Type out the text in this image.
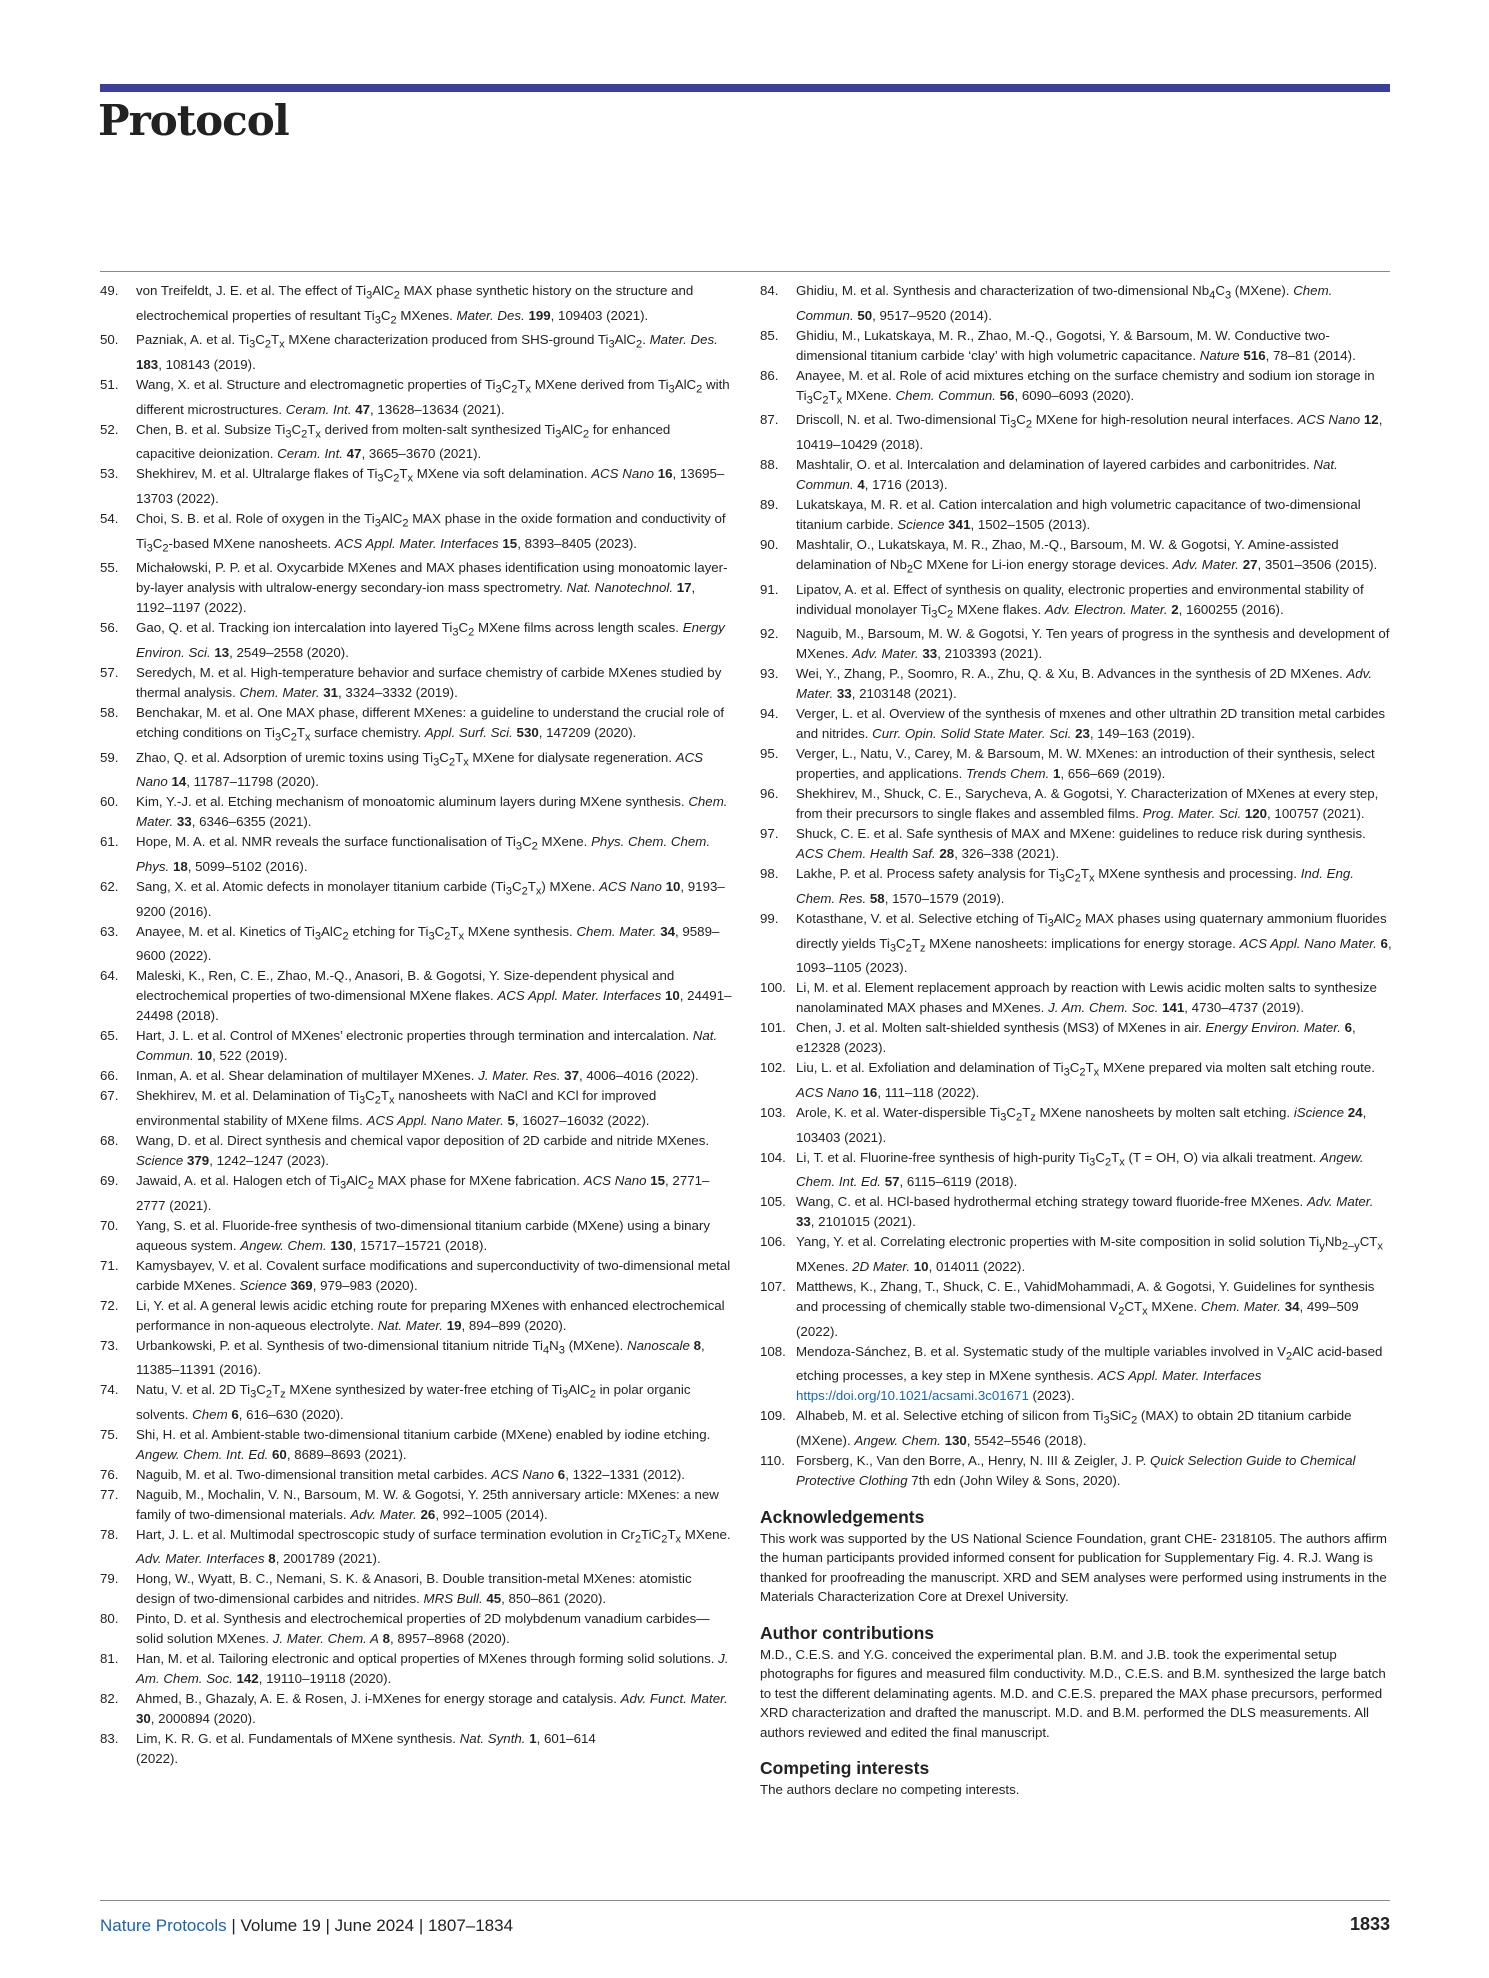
Protocol
49.	von Treifeldt, J. E. et al. The effect of $Ti_3AlC_2$ MAX phase synthetic history on the structure and electrochemical properties of resultant $Ti_3C_2$ MXenes. Mater. Des. 199, 109403 (2021).
50.	Pazniak, A. et al. $Ti_3C_2T_x$ MXene characterization produced from SHS-ground $Ti_3AlC_2$. Mater. Des. 183, 108143 (2019).
51.	Wang, X. et al. Structure and electromagnetic properties of $Ti_3C_2T_x$ MXene derived from $Ti_3AlC_2$ with different microstructures. Ceram. Int. 47, 13628–13634 (2021).
52.	Chen, B. et al. Subsize $Ti_3C_2T_x$ derived from molten-salt synthesized $Ti_3AlC_2$ for enhanced capacitive deionization. Ceram. Int. 47, 3665–3670 (2021).
53.	Shekhirev, M. et al. Ultralarge flakes of $Ti_3C_2T_x$ MXene via soft delamination. ACS Nano 16, 13695–13703 (2022).
54.	Choi, S. B. et al. Role of oxygen in the $Ti_3AlC_2$ MAX phase in the oxide formation and conductivity of $Ti_3C_2$-based MXene nanosheets. ACS Appl. Mater. Interfaces 15, 8393–8405 (2023).
55.	Michałowski, P. P. et al. Oxycarbide MXenes and MAX phases identification using monoatomic layer-by-layer analysis with ultralow-energy secondary-ion mass spectrometry. Nat. Nanotechnol. 17, 1192–1197 (2022).
56.	Gao, Q. et al. Tracking ion intercalation into layered $Ti_3C_2$ MXene films across length scales. Energy Environ. Sci. 13, 2549–2558 (2020).
57.	Seredych, M. et al. High-temperature behavior and surface chemistry of carbide MXenes studied by thermal analysis. Chem. Mater. 31, 3324–3332 (2019).
58.	Benchakar, M. et al. One MAX phase, different MXenes: a guideline to understand the crucial role of etching conditions on $Ti_3C_2T_x$ surface chemistry. Appl. Surf. Sci. 530, 147209 (2020).
59.	Zhao, Q. et al. Adsorption of uremic toxins using $Ti_3C_2T_x$ MXene for dialysate regeneration. ACS Nano 14, 11787–11798 (2020).
60.	Kim, Y.-J. et al. Etching mechanism of monoatomic aluminum layers during MXene synthesis. Chem. Mater. 33, 6346–6355 (2021).
61.	Hope, M. A. et al. NMR reveals the surface functionalisation of $Ti_3C_2$ MXene. Phys. Chem. Chem. Phys. 18, 5099–5102 (2016).
62.	Sang, X. et al. Atomic defects in monolayer titanium carbide $(Ti_3C_2T_x)$ MXene. ACS Nano 10, 9193–9200 (2016).
63.	Anayee, M. et al. Kinetics of $Ti_3AlC_2$ etching for $Ti_3C_2T_x$ MXene synthesis. Chem. Mater. 34, 9589–9600 (2022).
64.	Maleski, K., Ren, C. E., Zhao, M.-Q., Anasori, B. & Gogotsi, Y. Size-dependent physical and electrochemical properties of two-dimensional MXene flakes. ACS Appl. Mater. Interfaces 10, 24491–24498 (2018).
65.	Hart, J. L. et al. Control of MXenes’ electronic properties through termination and intercalation. Nat. Commun. 10, 522 (2019).
66.	Inman, A. et al. Shear delamination of multilayer MXenes. J. Mater. Res. 37, 4006–4016 (2022).
67.	Shekhirev, M. et al. Delamination of $Ti_3C_2T_x$ nanosheets with NaCl and KCl for improved environmental stability of MXene films. ACS Appl. Nano Mater. 5, 16027–16032 (2022).
68.	Wang, D. et al. Direct synthesis and chemical vapor deposition of 2D carbide and nitride MXenes. Science 379, 1242–1247 (2023).
69.	Jawaid, A. et al. Halogen etch of $Ti_3AlC_2$ MAX phase for MXene fabrication. ACS Nano 15, 2771–2777 (2021).
70.	Yang, S. et al. Fluoride-free synthesis of two-dimensional titanium carbide (MXene) using a binary aqueous system. Angew. Chem. 130, 15717–15721 (2018).
71.	Kamysbayev, V. et al. Covalent surface modifications and superconductivity of two-dimensional metal carbide MXenes. Science 369, 979–983 (2020).
72.	Li, Y. et al. A general lewis acidic etching route for preparing MXenes with enhanced electrochemical performance in non-aqueous electrolyte. Nat. Mater. 19, 894–899 (2020).
73.	Urbankowski, P. et al. Synthesis of two-dimensional titanium nitride $Ti_4N_3$ (MXene). Nanoscale 8, 11385–11391 (2016).
74.	Natu, V. et al. 2D $Ti_3C_2T_z$ MXene synthesized by water-free etching of $Ti_3AlC_2$ in polar organic solvents. Chem 6, 616–630 (2020).
75.	Shi, H. et al. Ambient-stable two-dimensional titanium carbide (MXene) enabled by iodine etching. Angew. Chem. Int. Ed. 60, 8689–8693 (2021).
76.	Naguib, M. et al. Two-dimensional transition metal carbides. ACS Nano 6, 1322–1331 (2012).
77.	Naguib, M., Mochalin, V. N., Barsoum, M. W. & Gogotsi, Y. 25th anniversary article: MXenes: a new family of two-dimensional materials. Adv. Mater. 26, 992–1005 (2014).
78.	Hart, J. L. et al. Multimodal spectroscopic study of surface termination evolution in $Cr_2TiC_2T_x$ MXene. Adv. Mater. Interfaces 8, 2001789 (2021).
79.	Hong, W., Wyatt, B. C., Nemani, S. K. & Anasori, B. Double transition-metal MXenes: atomistic design of two-dimensional carbides and nitrides. MRS Bull. 45, 850–861 (2020).
80.	Pinto, D. et al. Synthesis and electrochemical properties of 2D molybdenum vanadium carbides—solid solution MXenes. J. Mater. Chem. A 8, 8957–8968 (2020).
81.	Han, M. et al. Tailoring electronic and optical properties of MXenes through forming solid solutions. J. Am. Chem. Soc. 142, 19110–19118 (2020).
82.	Ahmed, B., Ghazaly, A. E. & Rosen, J. i-MXenes for energy storage and catalysis. Adv. Funct. Mater. 30, 2000894 (2020).
83.	Lim, K. R. G. et al. Fundamentals of MXene synthesis. Nat. Synth. 1, 601–614
(2022).
84.	Ghidiu, M. et al. Synthesis and characterization of two-dimensional $Nb_4C_3$ (MXene). Chem. Commun. 50, 9517–9520 (2014).
85.	Ghidiu, M., Lukatskaya, M. R., Zhao, M.-Q., Gogotsi, Y. & Barsoum, M. W. Conductive two-dimensional titanium carbide ‘clay’ with high volumetric capacitance. Nature 516, 78–81 (2014).
86.	Anayee, M. et al. Role of acid mixtures etching on the surface chemistry and sodium ion storage in $Ti_3C_2T_x$ MXene. Chem. Commun. 56, 6090–6093 (2020).
87.	Driscoll, N. et al. Two-dimensional $Ti_3C_2$ MXene for high-resolution neural interfaces. ACS Nano 12, 10419–10429 (2018).
88.	Mashtalir, O. et al. Intercalation and delamination of layered carbides and carbonitrides. Nat. Commun. 4, 1716 (2013).
89.	Lukatskaya, M. R. et al. Cation intercalation and high volumetric capacitance of two-dimensional titanium carbide. Science 341, 1502–1505 (2013).
90.	Mashtalir, O., Lukatskaya, M. R., Zhao, M.-Q., Barsoum, M. W. & Gogotsi, Y. Amine-assisted delamination of $Nb_2C$ MXene for Li-ion energy storage devices. Adv. Mater. 27, 3501–3506 (2015).
91.	Lipatov, A. et al. Effect of synthesis on quality, electronic properties and environmental stability of individual monolayer $Ti_3C_2$ MXene flakes. Adv. Electron. Mater. 2, 1600255 (2016).
92.	Naguib, M., Barsoum, M. W. & Gogotsi, Y. Ten years of progress in the synthesis and development of MXenes. Adv. Mater. 33, 2103393 (2021).
93.	Wei, Y., Zhang, P., Soomro, R. A., Zhu, Q. & Xu, B. Advances in the synthesis of 2D MXenes. Adv. Mater. 33, 2103148 (2021).
94.	Verger, L. et al. Overview of the synthesis of mxenes and other ultrathin 2D transition metal carbides and nitrides. Curr. Opin. Solid State Mater. Sci. 23, 149–163 (2019).
95.	Verger, L., Natu, V., Carey, M. & Barsoum, M. W. MXenes: an introduction of their synthesis, select properties, and applications. Trends Chem. 1, 656–669 (2019).
96.	Shekhirev, M., Shuck, C. E., Sarycheva, A. & Gogotsi, Y. Characterization of MXenes at every step, from their precursors to single flakes and assembled films. Prog. Mater. Sci. 120, 100757 (2021).
97.	Shuck, C. E. et al. Safe synthesis of MAX and MXene: guidelines to reduce risk during synthesis. ACS Chem. Health Saf. 28, 326–338 (2021).
98.	Lakhe, P. et al. Process safety analysis for $Ti_3C_2T_x$ MXene synthesis and processing. Ind. Eng. Chem. Res. 58, 1570–1579 (2019).
99.	Kotasthane, V. et al. Selective etching of $Ti_3AlC_2$ MAX phases using quaternary ammonium fluorides directly yields $Ti_3C_2T_z$ MXene nanosheets: implications for energy storage. ACS Appl. Nano Mater. 6, 1093–1105 (2023).
100. Li, M. et al. Element replacement approach by reaction with Lewis acidic molten salts to synthesize nanolaminated MAX phases and MXenes. J. Am. Chem. Soc. 141, 4730–4737 (2019).
101. Chen, J. et al. Molten salt-shielded synthesis (MS3) of MXenes in air. Energy Environ. Mater. 6, e12328 (2023).
102. Liu, L. et al. Exfoliation and delamination of $Ti_3C_2T_x$ MXene prepared via molten salt etching route. ACS Nano 16, 111–118 (2022).
103. Arole, K. et al. Water-dispersible $Ti_3C_2T_z$ MXene nanosheets by molten salt etching. iScience 24, 103403 (2021).
104. Li, T. et al. Fluorine-free synthesis of high-purity $Ti_3C_2T_x$ (T = OH, O) via alkali treatment. Angew. Chem. Int. Ed. 57, 6115–6119 (2018).
105. Wang, C. et al. HCl-based hydrothermal etching strategy toward fluoride-free MXenes. Adv. Mater. 33, 2101015 (2021).
106. Yang, Y. et al. Correlating electronic properties with M-site composition in solid solution $Ti_yNb_{2-y}CT_x$ MXenes. 2D Mater. 10, 014011 (2022).
107. Matthews, K., Zhang, T., Shuck, C. E., VahidMohammadi, A. & Gogotsi, Y. Guidelines for synthesis and processing of chemically stable two-dimensional $V_2CT_x$ MXene. Chem. Mater. 34, 499–509 (2022).
108. Mendoza-Sánchez, B. et al. Systematic study of the multiple variables involved in $V_2AlC$ acid-based etching processes, a key step in MXene synthesis. ACS Appl. Mater. Interfaces https://doi.org/10.1021/acsami.3c01671 (2023).
109. Alhabeb, M. et al. Selective etching of silicon from $Ti_3SiC_2$ (MAX) to obtain 2D titanium carbide (MXene). Angew. Chem. 130, 5542–5546 (2018).
110. Forsberg, K., Van den Borre, A., Henry, N. III & Zeigler, J. P. Quick Selection Guide to Chemical Protective Clothing 7th edn (John Wiley & Sons, 2020).
Acknowledgements

This work was supported by the US National Science Foundation, grant CHE- 2318105. The authors affirm the human participants provided informed consent for publication for Supplementary Fig. 4. R.J. Wang is thanked for proofreading the manuscript. XRD and SEM analyses were performed using instruments in the Materials Characterization Core at Drexel University.

Author contributions

M.D., C.E.S. and Y.G. conceived the experimental plan. B.M. and J.B. took the experimental setup photographs for figures and measured film conductivity. M.D., C.E.S. and B.M. synthesized the large batch to test the different delaminating agents. M.D. and C.E.S. prepared the MAX phase precursors, performed XRD characterization and drafted the manuscript. M.D. and B.M. performed the DLS measurements. All authors reviewed and edited the final manuscript.

Competing interests

The authors declare no competing interests.

Nature Protocols | Volume 19 | June 2024 | 1807–1834	1833
